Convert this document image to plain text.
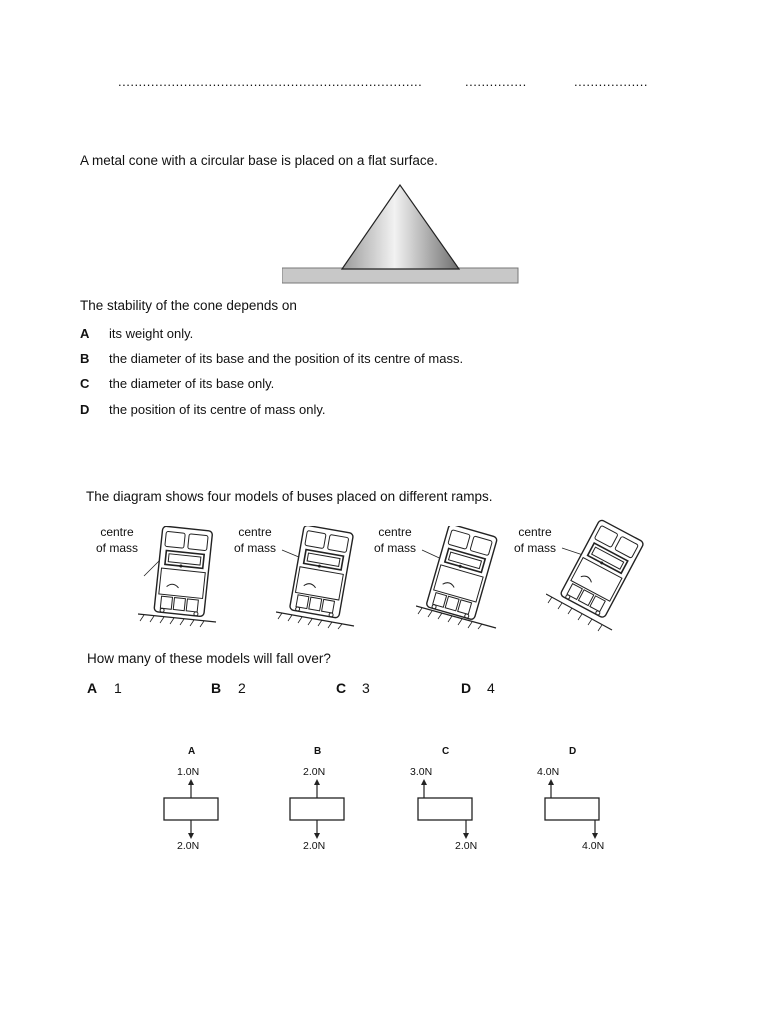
..........................................................................	...............	..................
A metal cone with a circular base is placed on a flat surface.
The stability of the cone depends on
A its weight only.
B the diameter of its base and the position of its centre of mass.
C the diameter of its base only.
D the position of its centre of mass only.
The diagram shows four models of buses placed on different ramps.
centre
of mass
centre
of mass
centre
of mass
centre
of mass
How many of these models will fall over?
A 1	B 2	C 3	D 4
A
1.0N
2.0N
B
2.0N
2.0N
C
3.0N
2.0N
D
4.0N
4.0N
